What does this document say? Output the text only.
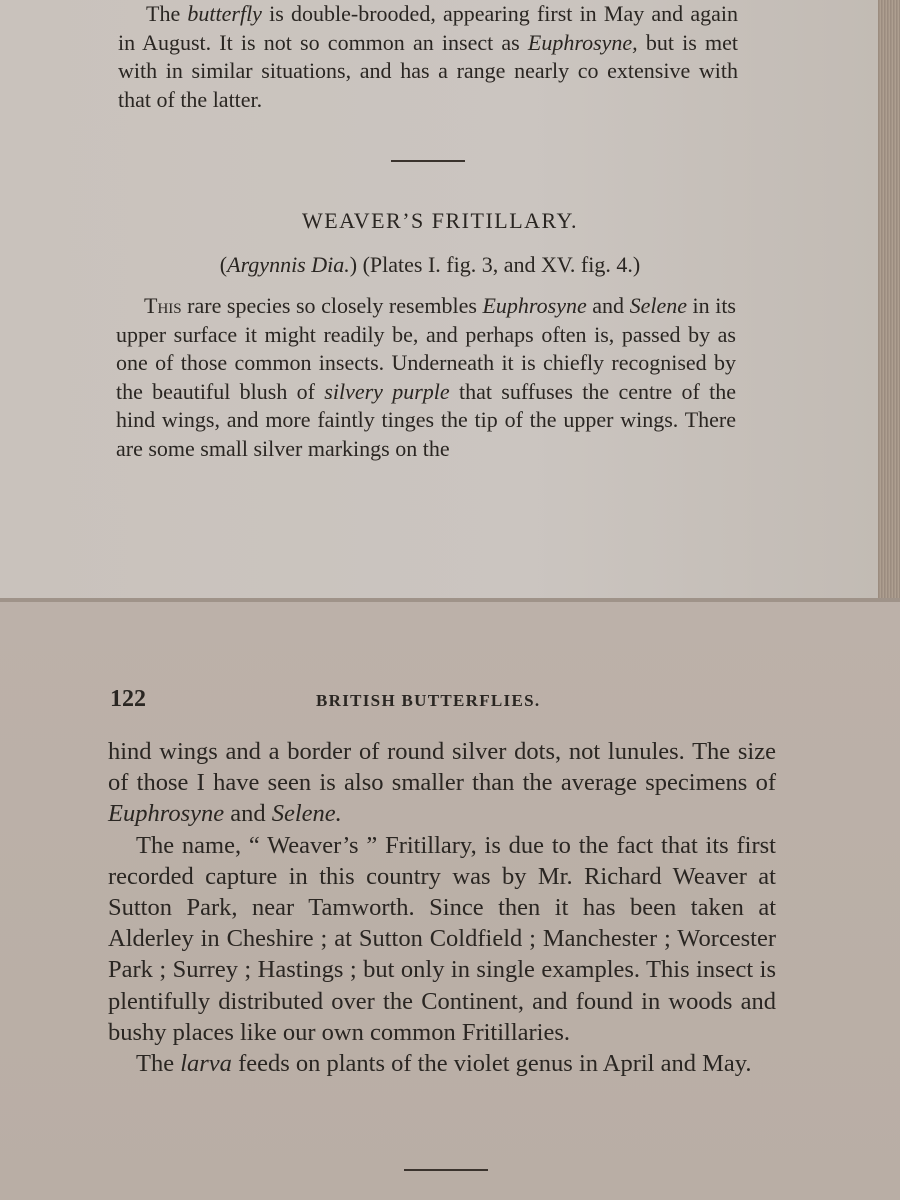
The butterfly is double-brooded, appearing first in May and again in August. It is not so common an insect as Euphrosyne, but is met with in similar situations, and has a range nearly co extensive with that of the latter.

WEAVER’S FRITILLARY.
(Argynnis Dia.) (Plates I. fig. 3, and XV. fig. 4.)

This rare species so closely resembles Euphrosyne and Selene in its upper surface it might readily be, and perhaps often is, passed by as one of those common insects. Underneath it is chiefly recognised by the beautiful blush of silvery purple that suffuses the centre of the hind wings, and more faintly tinges the tip of the upper wings. There are some small silver markings on the

122	BRITISH BUTTERFLIES.

hind wings and a border of round silver dots, not lunules. The size of those I have seen is also smaller than the average specimens of Euphrosyne and Selene.

The name, “ Weaver’s ” Fritillary, is due to the fact that its first recorded capture in this country was by Mr. Richard Weaver at Sutton Park, near Tamworth. Since then it has been taken at Alderley in Cheshire ; at Sutton Coldfield ; Manchester ; Worcester Park ; Surrey ; Hastings ; but only in single examples. This insect is plentifully distributed over the Continent, and found in woods and bushy places like our own common Fritillaries.

The larva feeds on plants of the violet genus in April and May.
